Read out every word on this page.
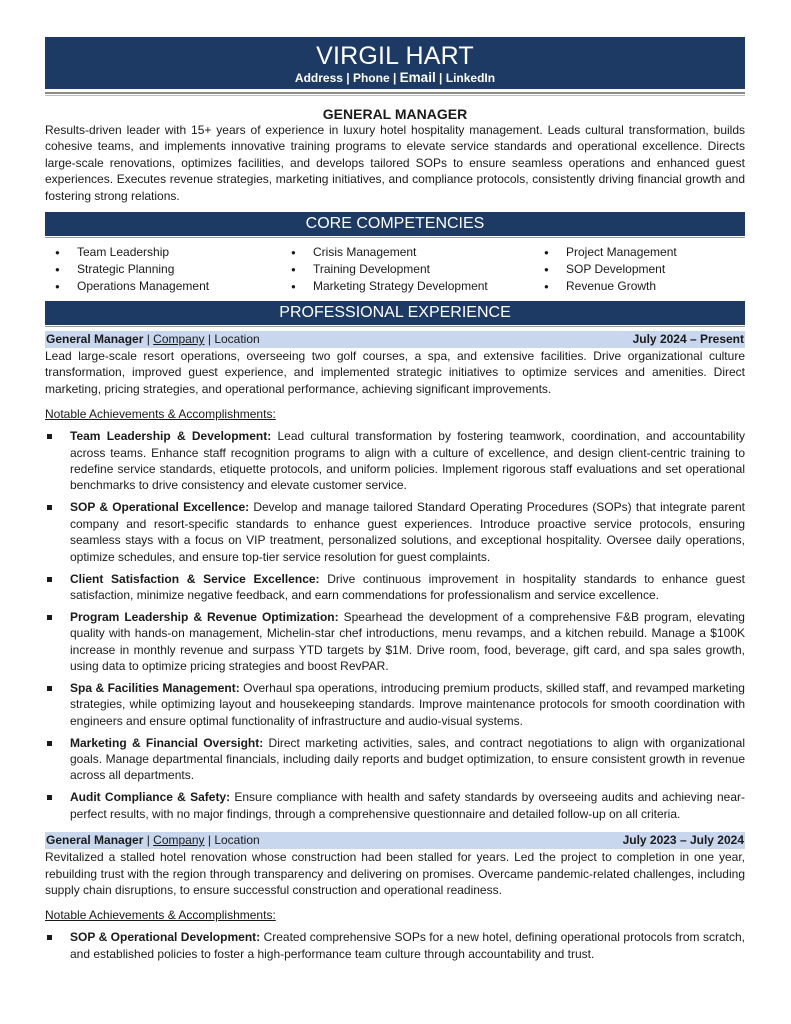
VIRGIL HART
Address | Phone | Email | LinkedIn
GENERAL MANAGER

Results-driven leader with 15+ years of experience in luxury hotel hospitality management. Leads cultural transformation, builds cohesive teams, and implements innovative training programs to elevate service standards and operational excellence. Directs large-scale renovations, optimizes facilities, and develops tailored SOPs to ensure seamless operations and enhanced guest experiences. Executes revenue strategies, marketing initiatives, and compliance protocols, consistently driving financial growth and fostering strong relations.

CORE COMPETENCIES
● Team Leadership
● Strategic Planning
● Operations Management
● Crisis Management
● Training Development
● Marketing Strategy Development
● Project Management
● SOP Development
● Revenue Growth
PROFESSIONAL EXPERIENCE
General Manager | Company | Location	July 2024 – Present

Lead large-scale resort operations, overseeing two golf courses, a spa, and extensive facilities. Drive organizational culture transformation, improved guest experience, and implemented strategic initiatives to optimize services and amenities. Direct marketing, pricing strategies, and operational performance, achieving significant improvements.

Notable Achievements & Accomplishments:

Team Leadership & Development: Lead cultural transformation by fostering teamwork, coordination, and accountability across teams. Enhance staff recognition programs to align with a culture of excellence, and design client-centric training to redefine service standards, etiquette protocols, and uniform policies. Implement rigorous staff evaluations and set operational benchmarks to drive consistency and elevate customer service.

SOP & Operational Excellence: Develop and manage tailored Standard Operating Procedures (SOPs) that integrate parent company and resort-specific standards to enhance guest experiences. Introduce proactive service protocols, ensuring seamless stays with a focus on VIP treatment, personalized solutions, and exceptional hospitality. Oversee daily operations, optimize schedules, and ensure top-tier service resolution for guest complaints.

Client Satisfaction & Service Excellence: Drive continuous improvement in hospitality standards to enhance guest satisfaction, minimize negative feedback, and earn commendations for professionalism and service excellence.

Program Leadership & Revenue Optimization: Spearhead the development of a comprehensive F&B program, elevating quality with hands-on management, Michelin-star chef introductions, menu revamps, and a kitchen rebuild. Manage a $100K increase in monthly revenue and surpass YTD targets by $1M. Drive room, food, beverage, gift card, and spa sales growth, using data to optimize pricing strategies and boost RevPAR.

Spa & Facilities Management: Overhaul spa operations, introducing premium products, skilled staff, and revamped marketing strategies, while optimizing layout and housekeeping standards. Improve maintenance protocols for smooth coordination with engineers and ensure optimal functionality of infrastructure and audio-visual systems.

Marketing & Financial Oversight: Direct marketing activities, sales, and contract negotiations to align with organizational goals. Manage departmental financials, including daily reports and budget optimization, to ensure consistent growth in revenue across all departments.

Audit Compliance & Safety: Ensure compliance with health and safety standards by overseeing audits and achieving near-perfect results, with no major findings, through a comprehensive questionnaire and detailed follow-up on all criteria.

General Manager | Company | Location	July 2023 – July 2024

Revitalized a stalled hotel renovation whose construction had been stalled for years. Led the project to completion in one year, rebuilding trust with the region through transparency and delivering on promises. Overcame pandemic-related challenges, including supply chain disruptions, to ensure successful construction and operational readiness.

Notable Achievements & Accomplishments:

SOP & Operational Development: Created comprehensive SOPs for a new hotel, defining operational protocols from scratch, and established policies to foster a high-performance team culture through accountability and trust.
